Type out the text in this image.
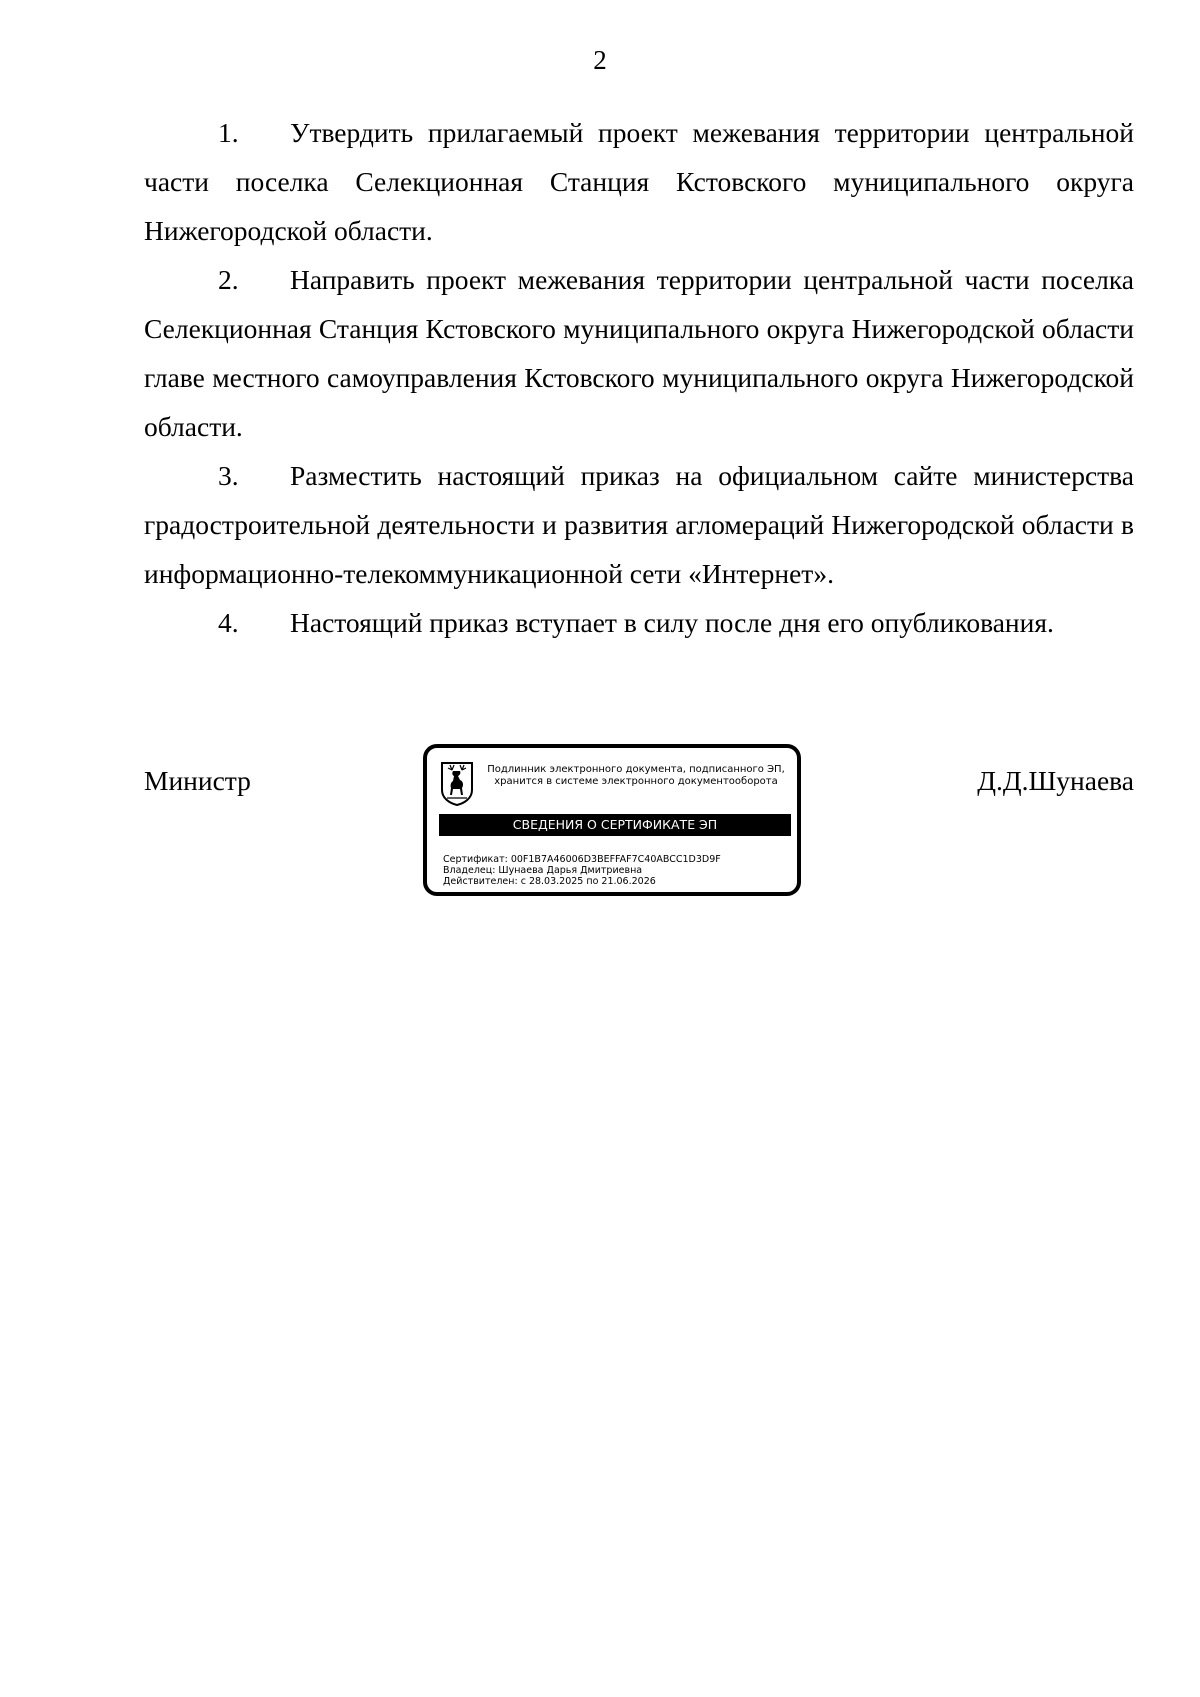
2

1. Утвердить прилагаемый проект межевания территории центральной части поселка Селекционная Станция Кстовского муниципального округа Нижегородской области.

2. Направить проект межевания территории центральной части поселка Селекционная Станция Кстовского муниципального округа Нижегородской области главе местного самоуправления Кстовского муниципального округа Нижегородской области.

3. Разместить настоящий приказ на официальном сайте министерства градостроительной деятельности и развития агломераций Нижегородской области в информационно-телекоммуникационной сети «Интернет».

4. Настоящий приказ вступает в силу после дня его опубликования.

Министр	Подлинник электронного документа, подписанного ЭП,
хранится в системе электронного документооборота
СВЕДЕНИЯ О СЕРТИФИКАТЕ ЭП
Сертификат: 00F1B7A46006D3BEFFAF7C40ABCC1D3D9F
Владелец: Шунаева Дарья Дмитриевна
Действителен: с 28.03.2025 по 21.06.2026
Д.Д.Шунаева
